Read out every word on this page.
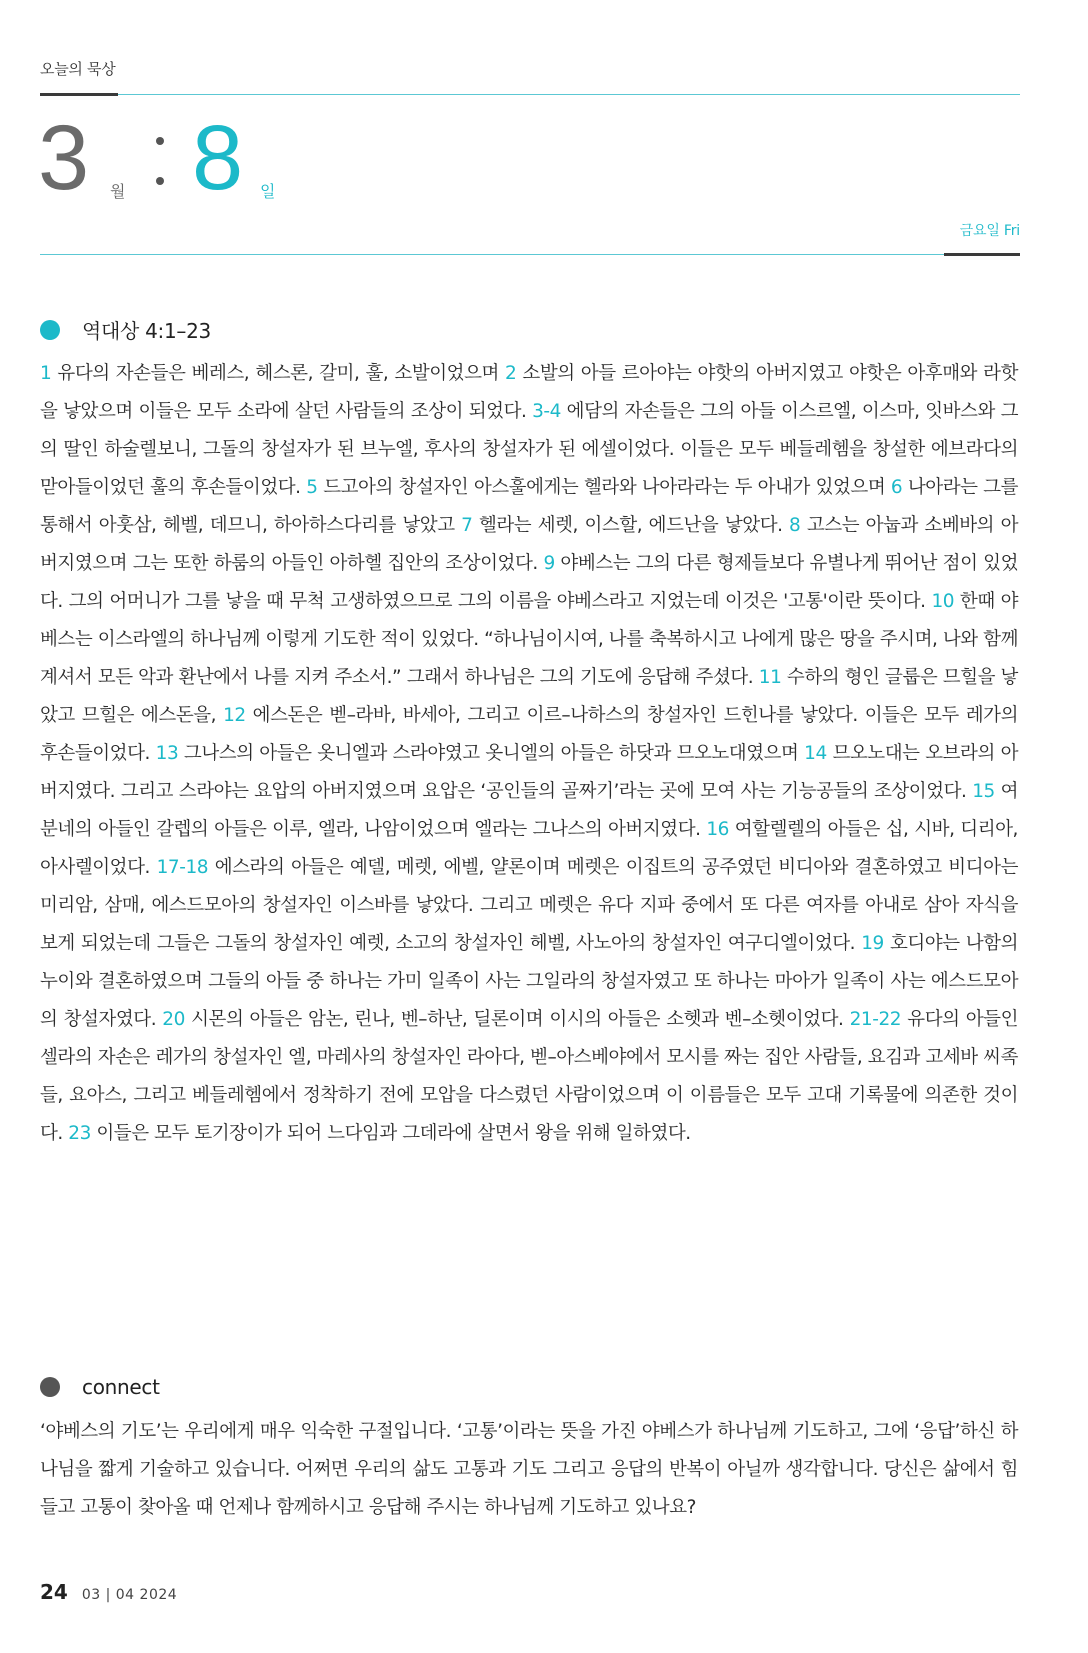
오늘의 묵상
3 월 8 일
금요일 Fri
역대상 4:1–23
1 유다의 자손들은 베레스, 헤스론, 갈미, 훌, 소발이었으며 2 소발의 아들 르아야는 야핫의 아버지였고 야핫은 아후매와 라핫을 낳았으며 이들은 모두 소라에 살던 사람들의 조상이 되었다. 3-4 에담의 자손들은 그의 아들 이스르엘, 이스마, 잇바스와 그의 딸인 하술렐보니, 그돌의 창설자가 된 브누엘, 후사의 창설자가 된 에셀이었다. 이들은 모두 베들레헴을 창설한 에브라다의 맏아들이었던 훌의 후손들이었다. 5 드고아의 창설자인 아스훌에게는 헬라와 나아라라는 두 아내가 있었으며 6 나아라는 그를 통해서 아훗삼, 헤벨, 데므니, 하아하스다리를 낳았고 7 헬라는 세렛, 이스할, 에드난을 낳았다. 8 고스는 아눕과 소베바의 아버지였으며 그는 또한 하룸의 아들인 아하헬 집안의 조상이었다. 9 야베스는 그의 다른 형제들보다 유별나게 뛰어난 점이 있었다. 그의 어머니가 그를 낳을 때 무척 고생하였으므로 그의 이름을 야베스라고 지었는데 이것은 '고통'이란 뜻이다. 10 한때 야베스는 이스라엘의 하나님께 이렇게 기도한 적이 있었다. “하나님이시여, 나를 축복하시고 나에게 많은 땅을 주시며, 나와 함께 계셔서 모든 악과 환난에서 나를 지켜 주소서.” 그래서 하나님은 그의 기도에 응답해 주셨다. 11 수하의 형인 글룹은 므힐을 낳았고 므힐은 에스돈을, 12 에스돈은 벧–라바, 바세아, 그리고 이르–나하스의 창설자인 드힌나를 낳았다. 이들은 모두 레가의 후손들이었다. 13 그나스의 아들은 옷니엘과 스라야였고 옷니엘의 아들은 하닷과 므오노대였으며 14 므오노대는 오브라의 아버지였다. 그리고 스라야는 요압의 아버지였으며 요압은 ‘공인들의 골짜기’라는 곳에 모여 사는 기능공들의 조상이었다. 15 여분네의 아들인 갈렙의 아들은 이루, 엘라, 나암이었으며 엘라는 그나스의 아버지였다. 16 여할렐렐의 아들은 십, 시바, 디리아, 아사렐이었다. 17-18 에스라의 아들은 예델, 메렛, 에벨, 얄론이며 메렛은 이집트의 공주였던 비디아와 결혼하였고 비디아는 미리암, 삼매, 에스드모아의 창설자인 이스바를 낳았다. 그리고 메렛은 유다 지파 중에서 또 다른 여자를 아내로 삼아 자식을 보게 되었는데 그들은 그돌의 창설자인 예렛, 소고의 창설자인 헤벨, 사노아의 창설자인 여구디엘이었다. 19 호디야는 나함의 누이와 결혼하였으며 그들의 아들 중 하나는 가미 일족이 사는 그일라의 창설자였고 또 하나는 마아가 일족이 사는 에스드모아의 창설자였다. 20 시몬의 아들은 암논, 린나, 벤–하난, 딜론이며 이시의 아들은 소헷과 벤–소헷이었다. 21-22 유다의 아들인 셀라의 자손은 레가의 창설자인 엘, 마레사의 창설자인 라아다, 벧–아스베야에서 모시를 짜는 집안 사람들, 요김과 고세바 씨족들, 요아스, 그리고 베들레헴에서 정착하기 전에 모압을 다스렸던 사람이었으며 이 이름들은 모두 고대 기록물에 의존한 것이다. 23 이들은 모두 토기장이가 되어 느다임과 그데라에 살면서 왕을 위해 일하였다.
connect
‘야베스의 기도’는 우리에게 매우 익숙한 구절입니다. ‘고통’이라는 뜻을 가진 야베스가 하나님께 기도하고, 그에 ‘응답’하신 하나님을 짧게 기술하고 있습니다. 어쩌면 우리의 삶도 고통과 기도 그리고 응답의 반복이 아닐까 생각합니다. 당신은 삶에서 힘들고 고통이 찾아올 때 언제나 함께하시고 응답해 주시는 하나님께 기도하고 있나요?
24 03 | 04 2024
